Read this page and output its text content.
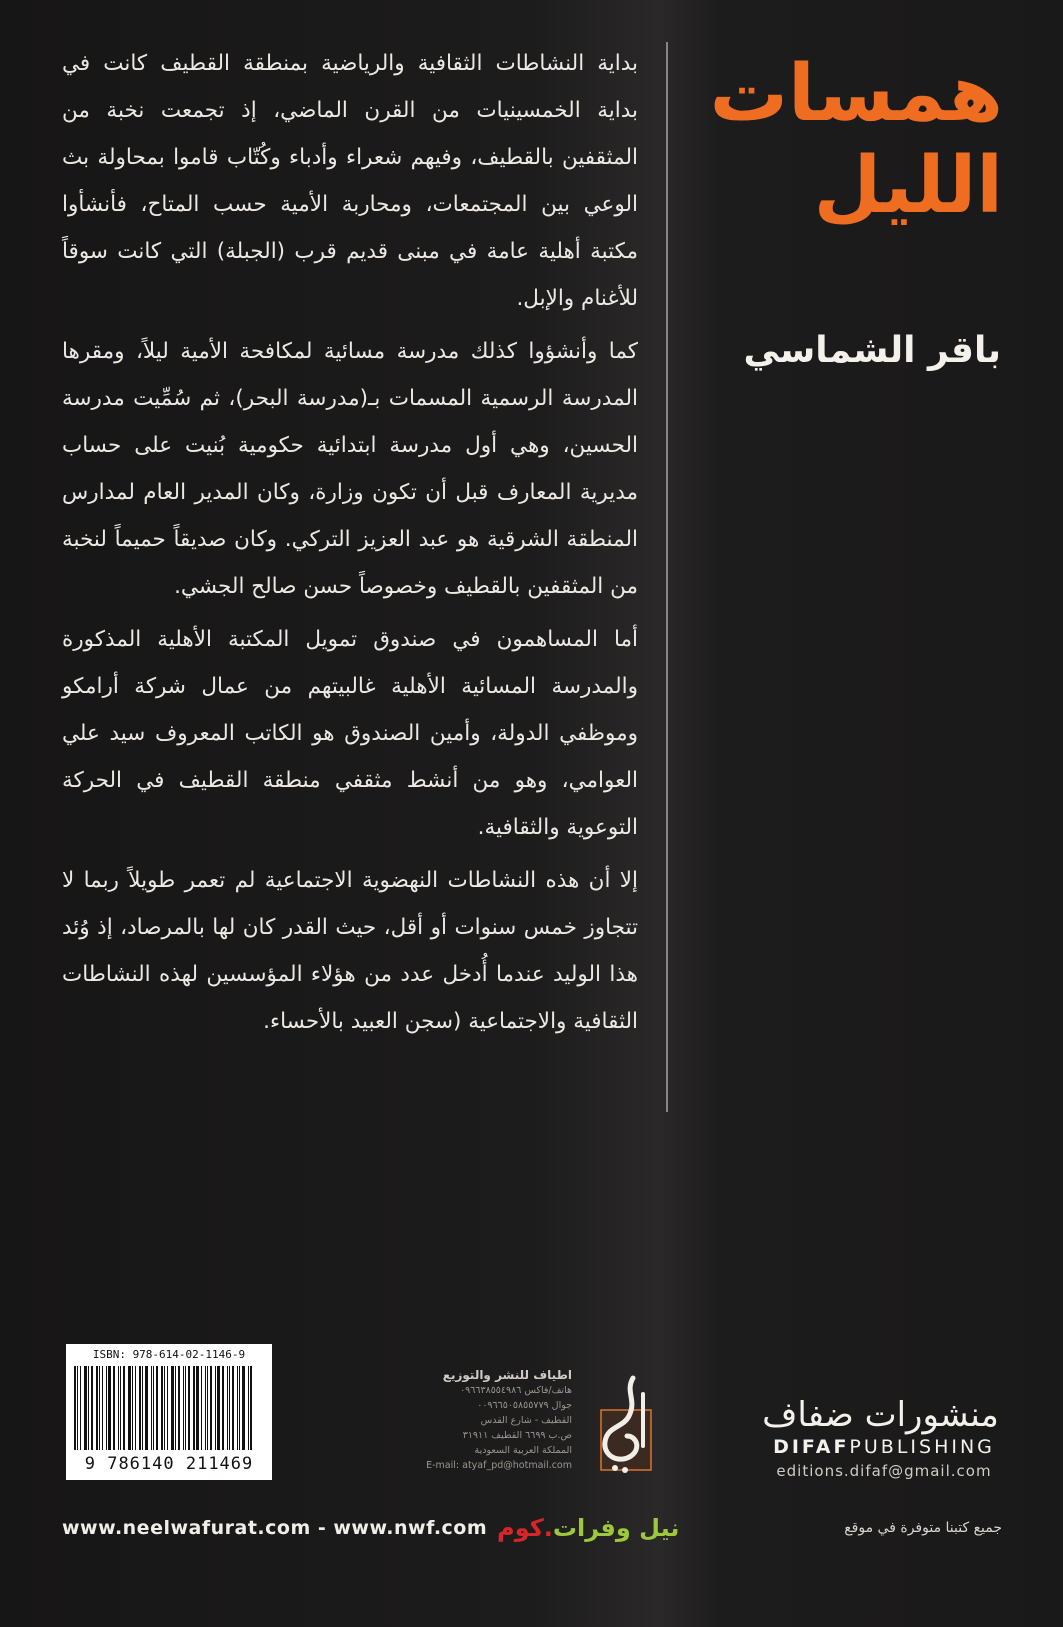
همسات
الليل
باقر الشماسي

بداية النشاطات الثقافية والرياضية بمنطقة القطيف كانت في بداية الخمسينيات من القرن الماضي، إذ تجمعت نخبة من المثقفين بالقطيف، وفيهم شعراء وأدباء وكُتّاب قاموا بمحاولة بث الوعي بين المجتمعات، ومحاربة الأمية حسب المتاح، فأنشأوا مكتبة أهلية عامة في مبنى قديم قرب (الجبلة) التي كانت سوقاً للأغنام والإبل.

كما وأنشؤوا كذلك مدرسة مسائية لمكافحة الأمية ليلاً، ومقرها المدرسة الرسمية المسمات بـ(مدرسة البحر)، ثم سُمِّيت مدرسة الحسين، وهي أول مدرسة ابتدائية حكومية بُنيت على حساب مديرية المعارف قبل أن تكون وزارة، وكان المدير العام لمدارس المنطقة الشرقية هو عبد العزيز التركي. وكان صديقاً حميماً لنخبة من المثقفين بالقطيف وخصوصاً حسن صالح الجشي.

أما المساهمون في صندوق تمويل المكتبة الأهلية المذكورة والمدرسة المسائية الأهلية غالبيتهم من عمال شركة أرامكو وموظفي الدولة، وأمين الصندوق هو الكاتب المعروف سيد علي العوامي، وهو من أنشط مثقفي منطقة القطيف في الحركة التوعوية والثقافية.

إلا أن هذه النشاطات النهضوية الاجتماعية لم تعمر طويلاً ربما لا تتجاوز خمس سنوات أو أقل، حيث القدر كان لها بالمرصاد، إذ وُئد هذا الوليد عندما أُدخل عدد من هؤلاء المؤسسين لهذه النشاطات الثقافية والاجتماعية (سجن العبيد بالأحساء.

ISBN: 978-614-02-1146-9
9 786140 211469
اطياف للنشر والتوزيع
هاتف/فاكس ٠٩٦٦٣٨٥٥٤٩٨٦
جوال ٠٠٩٦٦٥٠٥٨٥٥٧٧٩
القطيف - شارع القدس
ص.ب ٦٦٩٩ القطيف ٣١٩١١
المملكة العربية السعودية
E-mail: atyaf_pd@hotmail.com
منشورات ضفاف
DIFAFPUBLISHING
editions.difaf@gmail.com
www.neelwafurat.com - www.nwf.com	نيل وفرات.كوم	جميع كتبنا متوفرة في موقع
